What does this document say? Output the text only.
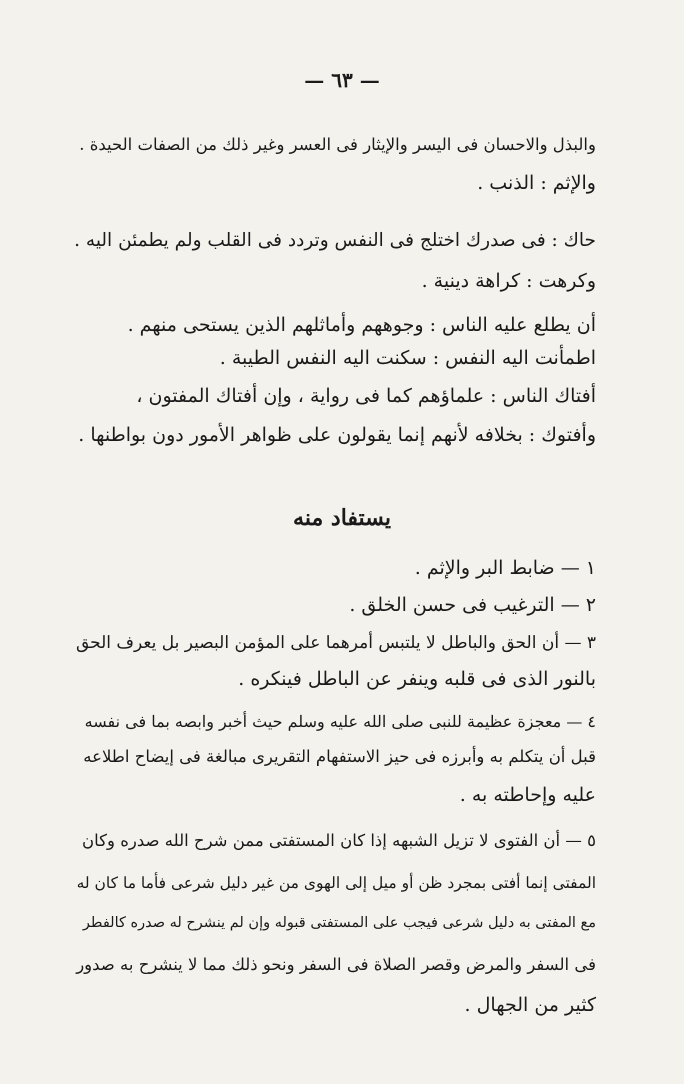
— ٦٣ —
والبذل والاحسان فى اليسر والإيثار فى العسر وغير ذلك من الصفات الحيدة .
والإثم : الذنب .
حاك : فى صدرك اختلج فى النفس وتردد فى القلب ولم يطمئن اليه .
وكرهت : كراهة دينية .
أن يطلع عليه الناس : وجوههم وأماثلهم الذين يستحى منهم .
اطمأنت اليه النفس : سكنت اليه النفس الطيبة .
أفتاك الناس : علماؤهم كما فى رواية ، وإن أفتاك المفتون ،
وأفتوك : بخلافه لأنهم إنما يقولون على ظواهر الأمور دون بواطنها .
يستفاد منه
١ — ضابط البر والإثم .
٢ — الترغيب فى حسن الخلق .
٣ — أن الحق والباطل لا يلتبس أمرهما على المؤمن البصير بل يعرف الحق
بالنور الذى فى قلبه وينفر عن الباطل فينكره .
٤ — معجزة عظيمة للنبى صلى الله عليه وسلم حيث أخبر وابصه بما فى نفسه
قبل أن يتكلم به وأبرزه فى حيز الاستفهام التقريرى مبالغة فى إيضاح اطلاعه
عليه وإحاطته به .
٥ — أن الفتوى لا تزيل الشبهه إذا كان المستفتى ممن شرح الله صدره وكان
المفتى إنما أفتى بمجرد ظن أو ميل إلى الهوى من غير دليل شرعى فأما ما كان له
مع المفتى به دليل شرعى فيجب على المستفتى قبوله وإن لم ينشرح له صدره كالفطر
فى السفر والمرض وقصر الصلاة فى السفر ونحو ذلك مما لا ينشرح به صدور
كثير من الجهال .
